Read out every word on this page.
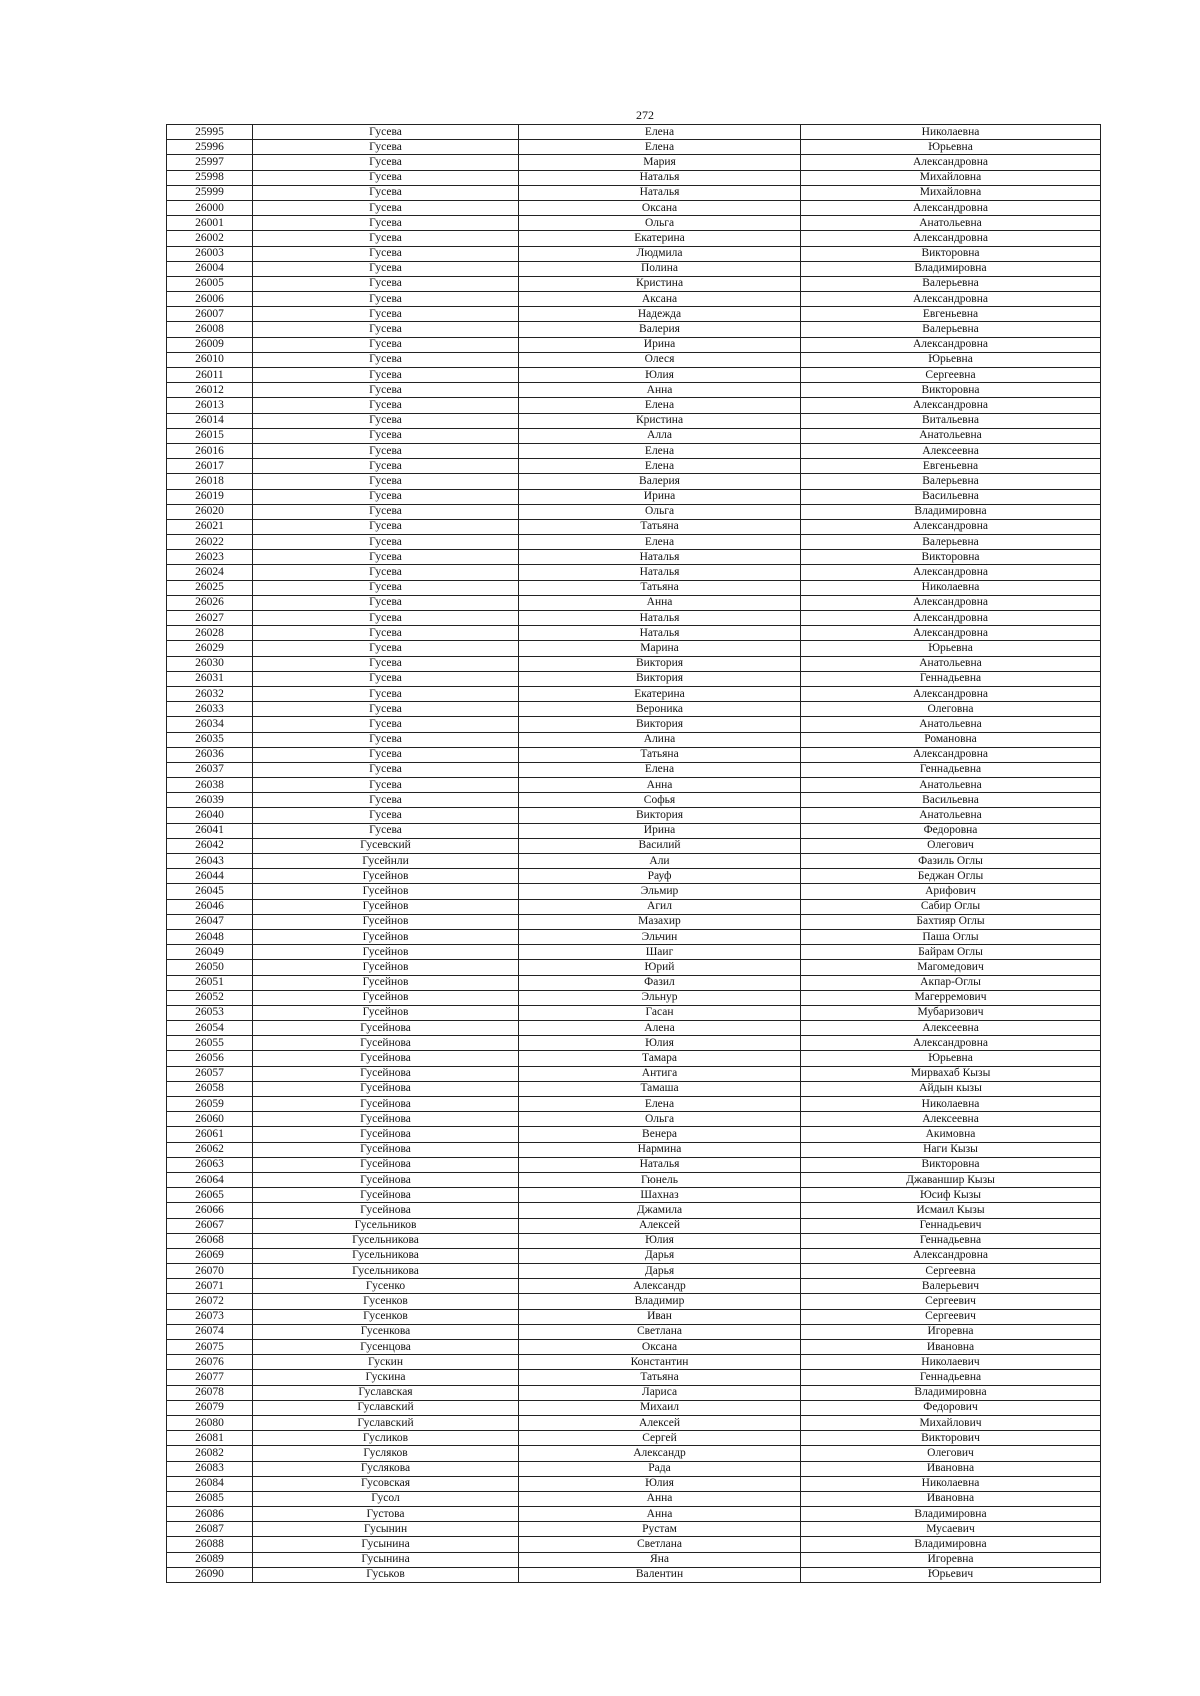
272
25995	Гусева	Елена	Николаевна
25996	Гусева	Елена	Юрьевна
25997	Гусева	Мария	Александровна
25998	Гусева	Наталья	Михайловна
25999	Гусева	Наталья	Михайловна
26000	Гусева	Оксана	Александровна
26001	Гусева	Ольга	Анатольевна
26002	Гусева	Екатерина	Александровна
26003	Гусева	Людмила	Викторовна
26004	Гусева	Полина	Владимировна
26005	Гусева	Кристина	Валерьевна
26006	Гусева	Аксана	Александровна
26007	Гусева	Надежда	Евгеньевна
26008	Гусева	Валерия	Валерьевна
26009	Гусева	Ирина	Александровна
26010	Гусева	Олеся	Юрьевна
26011	Гусева	Юлия	Сергеевна
26012	Гусева	Анна	Викторовна
26013	Гусева	Елена	Александровна
26014	Гусева	Кристина	Витальевна
26015	Гусева	Алла	Анатольевна
26016	Гусева	Елена	Алексеевна
26017	Гусева	Елена	Евгеньевна
26018	Гусева	Валерия	Валерьевна
26019	Гусева	Ирина	Васильевна
26020	Гусева	Ольга	Владимировна
26021	Гусева	Татьяна	Александровна
26022	Гусева	Елена	Валерьевна
26023	Гусева	Наталья	Викторовна
26024	Гусева	Наталья	Александровна
26025	Гусева	Татьяна	Николаевна
26026	Гусева	Анна	Александровна
26027	Гусева	Наталья	Александровна
26028	Гусева	Наталья	Александровна
26029	Гусева	Марина	Юрьевна
26030	Гусева	Виктория	Анатольевна
26031	Гусева	Виктория	Геннадьевна
26032	Гусева	Екатерина	Александровна
26033	Гусева	Вероника	Олеговна
26034	Гусева	Виктория	Анатольевна
26035	Гусева	Алина	Романовна
26036	Гусева	Татьяна	Александровна
26037	Гусева	Елена	Геннадьевна
26038	Гусева	Анна	Анатольевна
26039	Гусева	Софья	Васильевна
26040	Гусева	Виктория	Анатольевна
26041	Гусева	Ирина	Федоровна
26042	Гусевский	Василий	Олегович
26043	Гусейнли	Али	Фазиль Оглы
26044	Гусейнов	Рауф	Беджан Оглы
26045	Гусейнов	Эльмир	Арифович
26046	Гусейнов	Агил	Сабир Оглы
26047	Гусейнов	Мазахир	Бахтияр Оглы
26048	Гусейнов	Эльчин	Паша Оглы
26049	Гусейнов	Шаиг	Байрам Оглы
26050	Гусейнов	Юрий	Магомедович
26051	Гусейнов	Фазил	Акпар-Оглы
26052	Гусейнов	Эльнур	Магерремович
26053	Гусейнов	Гасан	Мубаризович
26054	Гусейнова	Алена	Алексеевна
26055	Гусейнова	Юлия	Александровна
26056	Гусейнова	Тамара	Юрьевна
26057	Гусейнова	Антига	Мирвахаб Кызы
26058	Гусейнова	Тамаша	Айдын кызы
26059	Гусейнова	Елена	Николаевна
26060	Гусейнова	Ольга	Алексеевна
26061	Гусейнова	Венера	Акимовна
26062	Гусейнова	Нармина	Наги Кызы
26063	Гусейнова	Наталья	Викторовна
26064	Гусейнова	Гюнель	Джаваншир Кызы
26065	Гусейнова	Шахназ	Юсиф Кызы
26066	Гусейнова	Джамила	Исмаил Кызы
26067	Гусельников	Алексей	Геннадьевич
26068	Гусельникова	Юлия	Геннадьевна
26069	Гусельникова	Дарья	Александровна
26070	Гусельникова	Дарья	Сергеевна
26071	Гусенко	Александр	Валерьевич
26072	Гусенков	Владимир	Сергеевич
26073	Гусенков	Иван	Сергеевич
26074	Гусенкова	Светлана	Игоревна
26075	Гусенцова	Оксана	Ивановна
26076	Гускин	Константин	Николаевич
26077	Гускина	Татьяна	Геннадьевна
26078	Гуславская	Лариса	Владимировна
26079	Гуславский	Михаил	Федорович
26080	Гуславский	Алексей	Михайлович
26081	Гусликов	Сергей	Викторович
26082	Гусляков	Александр	Олегович
26083	Гуслякова	Рада	Ивановна
26084	Гусовская	Юлия	Николаевна
26085	Гусол	Анна	Ивановна
26086	Густова	Анна	Владимировна
26087	Гусынин	Рустам	Мусаевич
26088	Гусынина	Светлана	Владимировна
26089	Гусынина	Яна	Игоревна
26090	Гуськов	Валентин	Юрьевич
